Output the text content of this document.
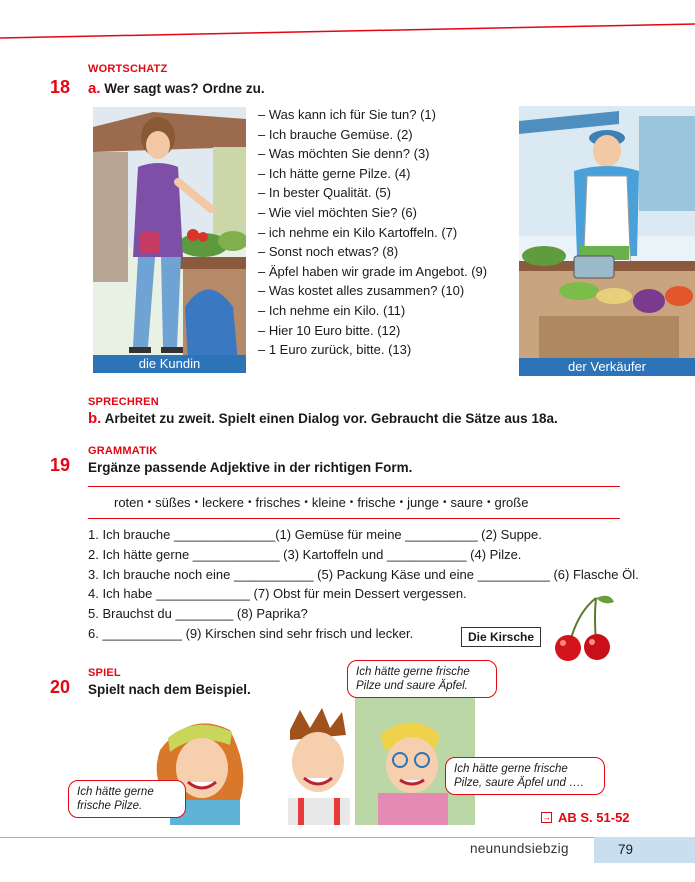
WORTSCHATZ
18 a. Wer sagt was? Ordne zu.
die Kundin
– Was kann ich für Sie tun? (1)
– Ich brauche Gemüse. (2)
– Was möchten Sie denn? (3)
– Ich hätte gerne Pilze. (4)
– In bester Qualität. (5)
– Wie viel möchten Sie? (6)
– ich nehme ein Kilo Kartoffeln. (7)
– Sonst noch etwas? (8)
– Äpfel haben wir grade im Angebot. (9)
– Was kostet alles zusammen? (10)
– Ich nehme ein Kilo. (11)
– Hier 10 Euro bitte. (12)
– 1 Euro zurück, bitte. (13)
der Verkäufer
SPRECHREN
b. Arbeitet zu zweit. Spielt einen Dialog vor. Gebraucht die Sätze aus 18a.
GRAMMATIK
19 Ergänze passende Adjektive in der richtigen Form.
roten • süßes • leckere • frisches • kleine • frische • junge • saure • große
1. Ich brauche ______________(1) Gemüse für meine __________ (2) Suppe.
2. Ich hätte gerne ____________ (3) Kartoffeln und ___________ (4) Pilze.
3. Ich brauche noch eine ___________ (5) Packung Käse und eine __________ (6) Flasche Öl.
4. Ich habe _____________ (7) Obst für mein Dessert vergessen.
5. Brauchst du ________ (8) Paprika?
6. ___________ (9) Kirschen sind sehr frisch und lecker.	Die Kirsche
SPIEL
20 Spielt nach dem Beispiel.
Ich hätte gerne frische Pilze und saure Äpfel.
Ich hätte gerne frische Pilze, saure Äpfel und ….
Ich hätte gerne frische Pilze.
→ AB S. 51-52
neunundsiebzig	79
